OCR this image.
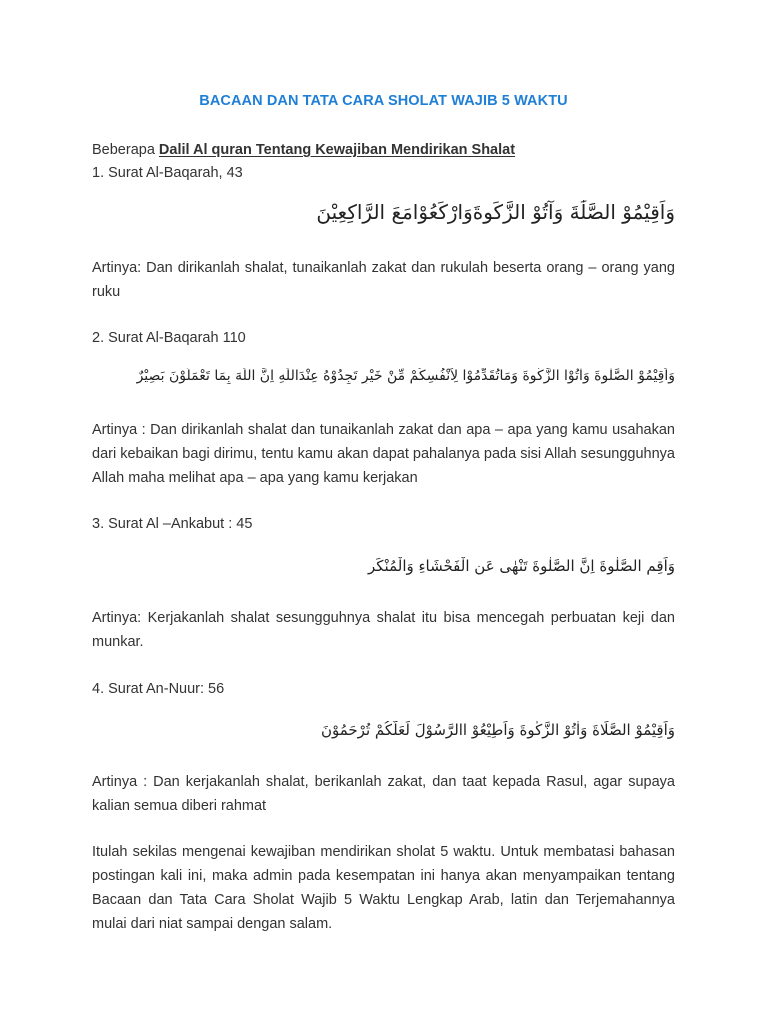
BACAAN DAN TATA CARA SHOLAT WAJIB 5 WAKTU

Beberapa Dalil Al quran Tentang Kewajiban Mendirikan Shalat

1. Surat Al-Baqarah, 43

وَاَقِيْمُوْ الصَّلَٰةَ وَآتُوْ الزَّكَوةَوَارْكَعُوْامَعَ الرَّاكِعِيْنَ

Artinya: Dan dirikanlah shalat, tunaikanlah zakat dan rukulah beserta orang – orang yang ruku

2. Surat Al-Baqarah 110

وَاَقِيْمُوْ الصَّلٰوةَ وَاٰتُوْا الزَّكٰوةَ وَمَاتُقَدِّمُوْا لِاَنْفُسِكُمْ مِّنْ خَيْرٍ تَجِدُوْهُ عِنْدَاللّٰهِ اِنَّ اللّٰهَ بِمَا تَعْمَلُوْنَ بَصِيْرٌ

Artinya : Dan dirikanlah shalat dan tunaikanlah zakat dan apa – apa yang kamu usahakan dari kebaikan bagi dirimu, tentu kamu akan dapat pahalanya pada sisi Allah sesungguhnya Allah maha melihat apa – apa yang kamu kerjakan

3. Surat Al –Ankabut : 45

وَاَقِمِ الصَّلٰوةَ اِنَّ الصَّلٰوةَ تَنْهٰى عَنِ الْفَحْشَاءِ وَالْمُنْكَرِ

Artinya: Kerjakanlah shalat sesungguhnya shalat itu bisa mencegah perbuatan keji dan munkar.

4. Surat An-Nuur: 56

وَاَقِيْمُوْ الصَّلَاةَ وَاٰتُوْ الزَّكٰوةَ وَاَطِيْعُوْ االرَّسُوْلَ لَعَلَّكُمْ تُرْحَمُوْنَ

Artinya : Dan kerjakanlah shalat, berikanlah zakat, dan taat kepada Rasul, agar supaya kalian semua diberi rahmat

Itulah sekilas mengenai kewajiban mendirikan sholat 5 waktu. Untuk membatasi bahasan postingan kali ini, maka admin pada kesempatan ini hanya akan menyampaikan tentang Bacaan dan Tata Cara Sholat Wajib 5 Waktu Lengkap Arab, latin dan Terjemahannya mulai dari niat sampai dengan salam.
